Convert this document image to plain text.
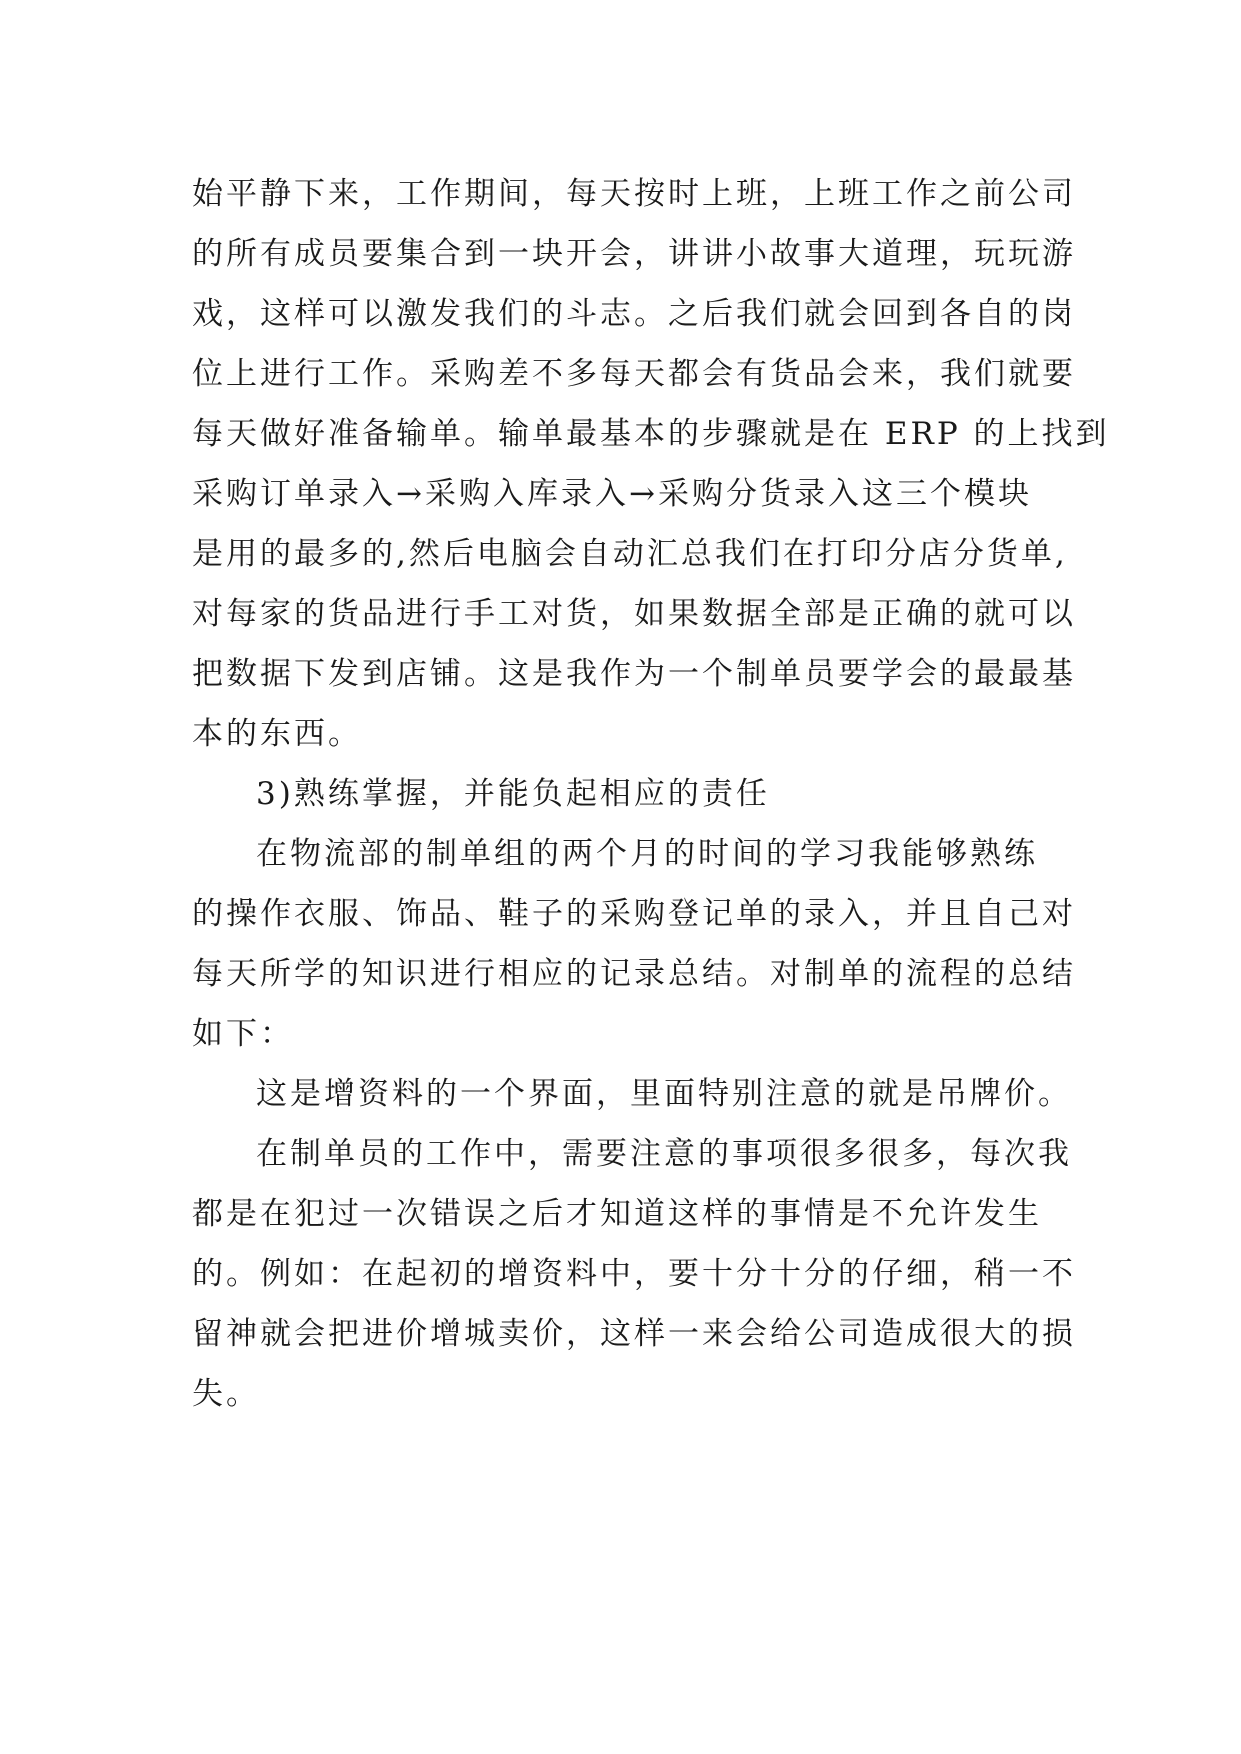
始平静下来，工作期间，每天按时上班，上班工作之前公司
的所有成员要集合到一块开会，讲讲小故事大道理，玩玩游
戏，这样可以激发我们的斗志。之后我们就会回到各自的岗
位上进行工作。采购差不多每天都会有货品会来，我们就要
每天做好准备输单。输单最基本的步骤就是在 ERP 的上找到
采购订单录入→采购入库录入→采购分货录入这三个模块
是用的最多的,然后电脑会自动汇总我们在打印分店分货单,
对每家的货品进行手工对货，如果数据全部是正确的就可以
把数据下发到店铺。这是我作为一个制单员要学会的最最基
本的东西。
3)熟练掌握，并能负起相应的责任
在物流部的制单组的两个月的时间的学习我能够熟练
的操作衣服、饰品、鞋子的采购登记单的录入，并且自己对
每天所学的知识进行相应的记录总结。对制单的流程的总结
如下：
这是增资料的一个界面，里面特别注意的就是吊牌价。
在制单员的工作中，需要注意的事项很多很多，每次我
都是在犯过一次错误之后才知道这样的事情是不允许发生
的。例如：在起初的增资料中，要十分十分的仔细，稍一不
留神就会把进价增城卖价，这样一来会给公司造成很大的损
失。
